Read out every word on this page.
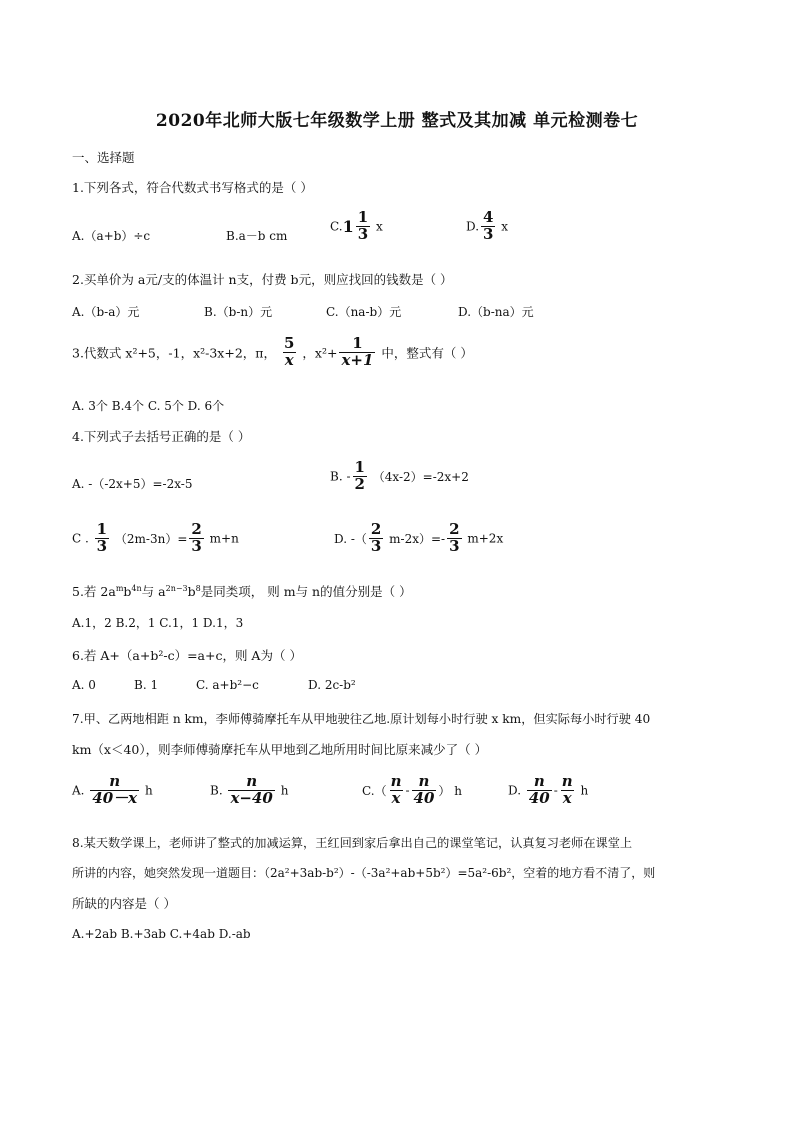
2020年北师大版七年级数学上册 整式及其加减 单元检测卷七
一、选择题
1.下列各式，符合代数式书写格式的是（ ）
A.（a+b）÷c	B.a－b cm
$C.1 \frac{1}{3}$ x	D. $\frac{4}{3}$ x
2.买单价为 a元/支的体温计 n支，付费 b元，则应找回的钱数是（ ）
A.（b-a）元	B.（b-n）元	C.（na-b）元	D.（b-na）元
3.代数式 x²+5，-1，x²-3x+2，π， $\frac{5}{x}$ ，$x^2+ \frac{1}{x+1}$ 中，整式有（ ）
A. 3个 B.4个 C. 5个 D. 6个
4.下列式子去括号正确的是（ ）
A. -（-2x+5）=-2x-5
B. - $\frac{1}{2} (4x-2)=-2x+2$
C . $\frac{1}{3} (2m-3n)= \frac{2}{3} m+n$	D. -（ $\frac{2}{3} m-2x)=- \frac{2}{3} m+2x$
5.若 $2a^mb^{4n}$与 $a^{2n-3}b^8$是同类项， 则 m与 n的值分别是（ ）
A.1，2 B.2，1 C.1，1 D.1，3
6.若 A+（a+b²-c）=a+c，则 A为（ ）
A. 0	B. 1	C. a+b²−c	D. 2c-b²
7.甲、乙两地相距 n km，李师傅骑摩托车从甲地驶往乙地.原计划每小时行驶 x km，但实际每小时行驶 40
km（x＜40），则李师傅骑摩托车从甲地到乙地所用时间比原来减少了（ ）
A. $\frac{n}{40-x}$ h	B. $\frac{n}{x-40}$ h	$C.( \frac{n}{x} - \frac{n}{40}$ ） h	D. $\frac{n}{40} - \frac{n}{x}$ h
8.某天数学课上，老师讲了整式的加减运算，王红回到家后拿出自己的课堂笔记，认真复习老师在课堂上
所讲的内容，她突然发现一道题目：（2a²+3ab-b²）-（-3a²+ab+5b²）=5a²-6b²，空着的地方看不清了，则
所缺的内容是（ ）
A.+2ab B.+3ab C.+4ab D.-ab
